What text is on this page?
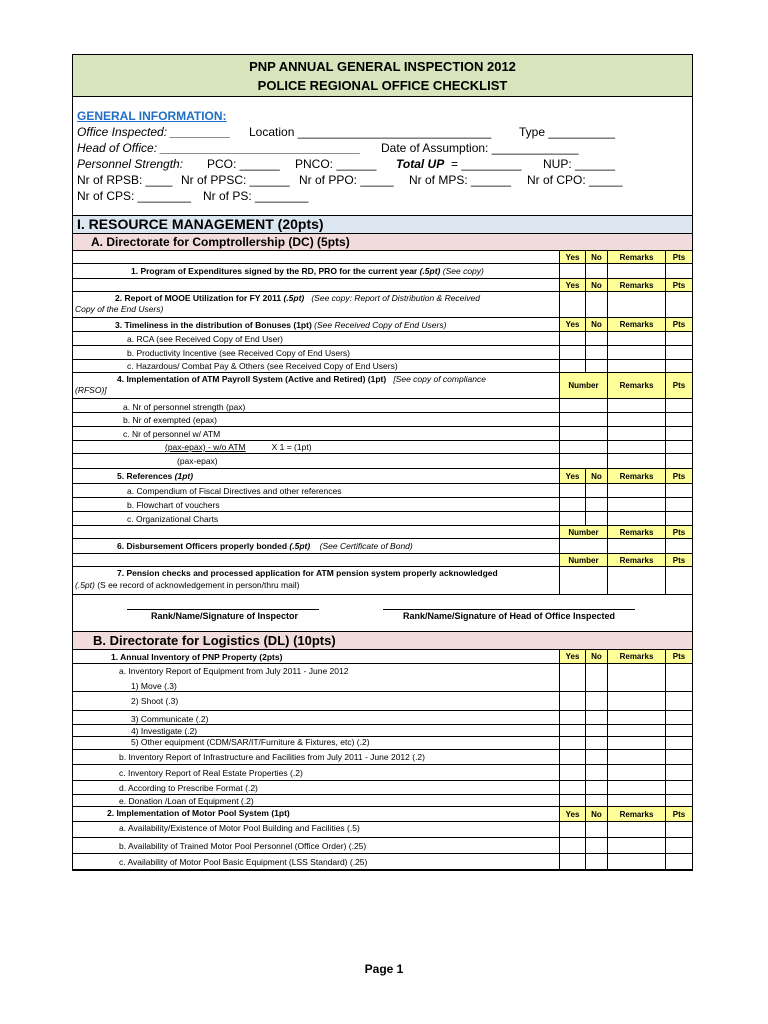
PNP ANNUAL GENERAL INSPECTION 2012
POLICE REGIONAL OFFICE CHECKLIST
GENERAL INFORMATION:
Office Inspected: _________ Location _____________________________ Type __________
Head of Office: ______________________________ Date of Assumption: _____________
Personnel Strength: PCO: ______ PNCO: ______ Total UP = _________ NUP: ______
Nr of RPSB: ____ Nr of PPSC: ______ Nr of PPO: _____ Nr of MPS: ______ Nr of CPO: _____
Nr of CPS: ________ Nr of PS: ________
I. RESOURCE MANAGEMENT (20pts)
A. Directorate for Comptrollership (DC) (5pts)
Yes	No	Remarks	Pts
1. Program of Expenditures signed by the RD, PRO for the current year (.5pt) (See copy)
Yes	No	Remarks	Pts
2. Report of MOOE Utilization for FY 2011 (.5pt) (See copy: Report of Distribution & Received
Copy of the End Users)
3. Timeliness in the distribution of Bonuses (1pt) (See Received Copy of End Users)	Yes	No	Remarks	Pts
a. RCA (see Received Copy of End User)
b. Productivity Incentive (see Received Copy of End Users)
c. Hazardous/ Combat Pay & Others (see Received Copy of End Users)
4. Implementation of ATM Payroll System (Active and Retired) (1pt) [See copy of compliance
(RFSO)]	Number	Remarks	Pts
a. Nr of personnel strength (pax)
b. Nr of exempted (epax)
c. Nr of personnel w/ ATM
(pax-epax) - w/o ATM	X 1 = (1pt)
(pax-epax)
5. References (1pt)	Yes	No	Remarks	Pts
a. Compendium of Fiscal Directives and other references
b. Flowchart of vouchers
c. Organizational Charts
Number	Remarks	Pts
6. Disbursement Officers properly bonded (.5pt) (See Certificate of Bond)
Number	Remarks	Pts
7. Pension checks and processed application for ATM pension system properly acknowledged
(.5pt) (S ee record of acknowledgement in person/thru mail)
Rank/Name/Signature of Inspector	Rank/Name/Signature of Head of Office Inspected
B. Directorate for Logistics (DL) (10pts)
1. Annual Inventory of PNP Property (2pts)	Yes	No	Remarks	Pts
a. Inventory Report of Equipment from July 2011 - June 2012
1) Move (.3)
2) Shoot (.3)
3) Communicate (.2)
4) Investigate (.2)
5) Other equipment (CDM/SAR/IT/Furniture & Fixtures, etc) (.2)
b. Inventory Report of Infrastructure and Facilities from July 2011 - June 2012 (.2)
c. Inventory Report of Real Estate Properties (.2)
d. According to Prescribe Format (.2)
e. Donation /Loan of Equipment (.2)
2. Implementation of Motor Pool System (1pt)	Yes	No	Remarks	Pts
a. Availability/Existence of Motor Pool Building and Facilities (.5)
b. Availability of Trained Motor Pool Personnel (Office Order) (.25)
c. Availability of Motor Pool Basic Equipment (LSS Standard) (.25)
Page 1
